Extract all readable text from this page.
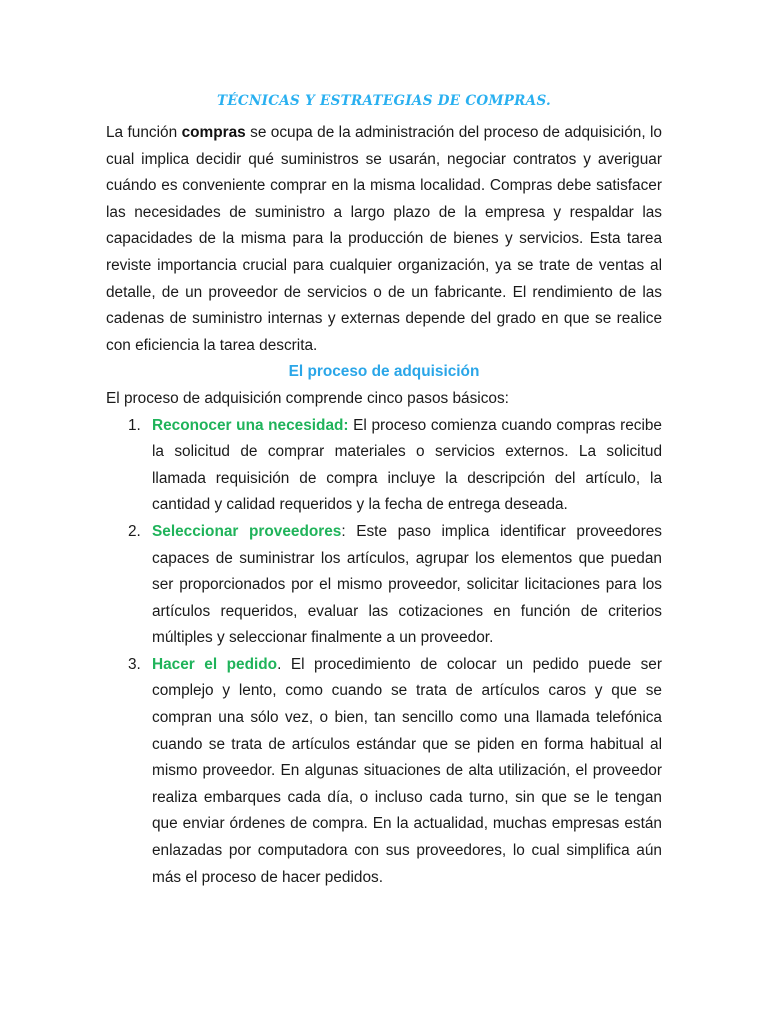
TÉCNICAS Y ESTRATEGIAS DE COMPRAS.

La función compras se ocupa de la administración del proceso de adquisición, lo cual implica decidir qué suministros se usarán, negociar contratos y averiguar cuándo es conveniente comprar en la misma localidad. Compras debe satisfacer las necesidades de suministro a largo plazo de la empresa y respaldar las capacidades de la misma para la producción de bienes y servicios. Esta tarea reviste importancia crucial para cualquier organización, ya se trate de ventas al detalle, de un proveedor de servicios o de un fabricante. El rendimiento de las cadenas de suministro internas y externas depende del grado en que se realice con eficiencia la tarea descrita.

El proceso de adquisición

El proceso de adquisición comprende cinco pasos básicos:

1. Reconocer una necesidad: El proceso comienza cuando compras recibe la solicitud de comprar materiales o servicios externos. La solicitud llamada requisición de compra incluye la descripción del artículo, la cantidad y calidad requeridos y la fecha de entrega deseada.
2. Seleccionar proveedores: Este paso implica identificar proveedores capaces de suministrar los artículos, agrupar los elementos que puedan ser proporcionados por el mismo proveedor, solicitar licitaciones para los artículos requeridos, evaluar las cotizaciones en función de criterios múltiples y seleccionar finalmente a un proveedor.
3. Hacer el pedido. El procedimiento de colocar un pedido puede ser complejo y lento, como cuando se trata de artículos caros y que se compran una sólo vez, o bien, tan sencillo como una llamada telefónica cuando se trata de artículos estándar que se piden en forma habitual al mismo proveedor. En algunas situaciones de alta utilización, el proveedor realiza embarques cada día, o incluso cada turno, sin que se le tengan que enviar órdenes de compra. En la actualidad, muchas empresas están enlazadas por computadora con sus proveedores, lo cual simplifica aún más el proceso de hacer pedidos.
